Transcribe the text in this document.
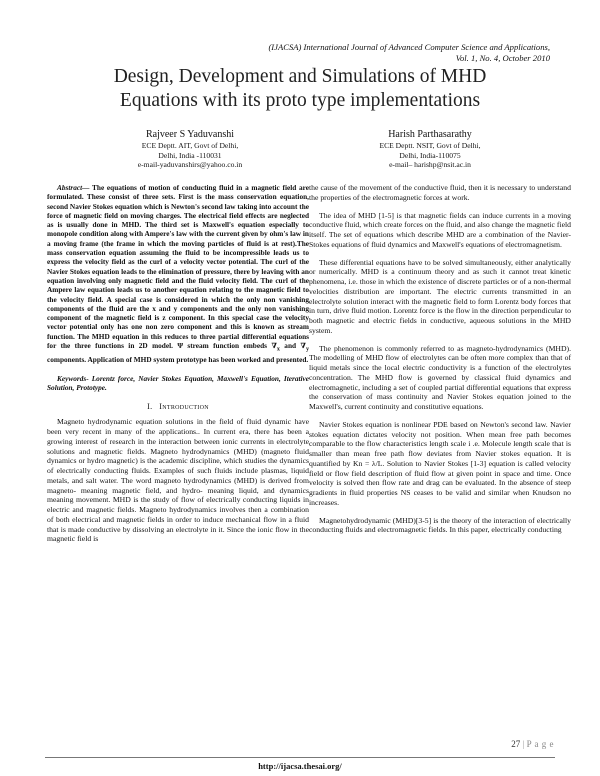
(IJACSA) International Journal of Advanced Computer Science and Applications,
Vol. 1, No. 4, October 2010
Design, Development and Simulations of MHD
Equations with its proto type implementations
Rajveer S Yaduvanshi
ECE Deptt. AIT, Govt of Delhi,
Delhi, India -110031
e-mail-yaduvanshirs@yahoo.co.in
Harish Parthasarathy
ECE Deptt. NSIT, Govt of Delhi,
Delhi, India-110075
e-mail– harishp@nsit.ac.in
Abstract— The equations of motion of conducting fluid in a magnetic field are formulated. These consist of three sets. First is the mass conservation equation, second Navier Stokes equation which is Newton's second law taking into account the force of magnetic field on moving charges. The electrical field effects are neglected as is usually done in MHD. The third set is Maxwell's equation especially to monopole condition along with Ampere's law with the current given by ohm's law in a moving frame (the frame in which the moving particles of fluid is at rest).The mass conservation equation assuming the fluid to be incompressible leads us to express the velocity field as the curl of a velocity vector potential. The curl of the Navier Stokes equation leads to the elimination of pressure, there by leaving with an equation involving only magnetic field and the fluid velocity field. The curl of the Ampere law equation leads us to another equation relating to the magnetic field to the velocity field. A special case is considered in which the only non vanishing components of the fluid are the x and y components and the only non vanishing component of the magnetic field is z component. In this special case the velocity vector potential only has one non zero component and this is known as stream function. The MHD equation in this reduces to three partial differential equations for the three functions in 2D model. Ψ stream function embeds $\nabla_x$ and $\nabla_y$ components. Application of MHD system prototype has been worked and presented.
Keywords- Lorentz force, Navier Stokes Equation, Maxwell's Equation, Iterative Solution, Prototype.
I. Introduction

Magneto hydrodynamic equation solutions in the field of fluid dynamic have been very recent in many of the applications.. In current era, there has been a growing interest of research in the interaction between ionic currents in electrolyte solutions and magnetic fields. Magneto hydrodynamics (MHD) (magneto fluid dynamics or hydro magnetic) is the academic discipline, which studies the dynamics of electrically conducting fluids. Examples of such fluids include plasmas, liquid metals, and salt water. The word magneto hydrodynamics (MHD) is derived from magneto- meaning magnetic field, and hydro- meaning liquid, and dynamics meaning movement. MHD is the study of flow of electrically conducting liquids in electric and magnetic fields. Magneto hydrodynamics involves then a combination of both electrical and magnetic fields in order to induce mechanical flow in a fluid that is made conductive by dissolving an electrolyte in it. Since the ionic flow in the magnetic field is

the cause of the movement of the conductive fluid, then it is necessary to understand the properties of the electromagnetic forces at work.

The idea of MHD [1-5] is that magnetic fields can induce currents in a moving conductive fluid, which create forces on the fluid, and also change the magnetic field itself. The set of equations which describe MHD are a combination of the Navier-Stokes equations of fluid dynamics and Maxwell's equations of electromagnetism.

These differential equations have to be solved simultaneously, either analytically or numerically. MHD is a continuum theory and as such it cannot treat kinetic phenomena, i.e. those in which the existence of discrete particles or of a non-thermal velocities distribution are important. The electric currents transmitted in an electrolyte solution interact with the magnetic field to form Lorentz body forces that in turn, drive fluid motion. Lorentz force is the flow in the direction perpendicular to both magnetic and electric fields in conductive, aqueous solutions in the MHD system.

The phenomenon is commonly referred to as magneto-hydrodynamics (MHD). The modelling of MHD flow of electrolytes can be often more complex than that of liquid metals since the local electric conductivity is a function of the electrolytes concentration. The MHD flow is governed by classical fluid dynamics and electromagnetic, including a set of coupled partial differential equations that express the conservation of mass continuity and Navier Stokes equation joined to the Maxwell's, current continuity and constitutive equations.

Navier Stokes equation is nonlinear PDE based on Newton's second law. Navier stokes equation dictates velocity not position. When mean free path becomes comparable to the flow characteristics length scale i .e. Molecule length scale that is smaller than mean free path flow deviates from Navier stokes equation. It is quantified by Kn = λ/L. Solution to Navier Stokes [1-3] equation is called velocity field or flow field description of fluid flow at given point in space and time. Once velocity is solved then flow rate and drag can be evaluated. In the absence of steep gradients in fluid properties NS ceases to be valid and similar when Knudson no increases.

Magnetohydrodynamic (MHD)[3-5] is the theory of the interaction of electrically conducting fluids and electromagnetic fields. In this paper, electrically conducting

27 | P a g e
http://ijacsa.thesai.org/
